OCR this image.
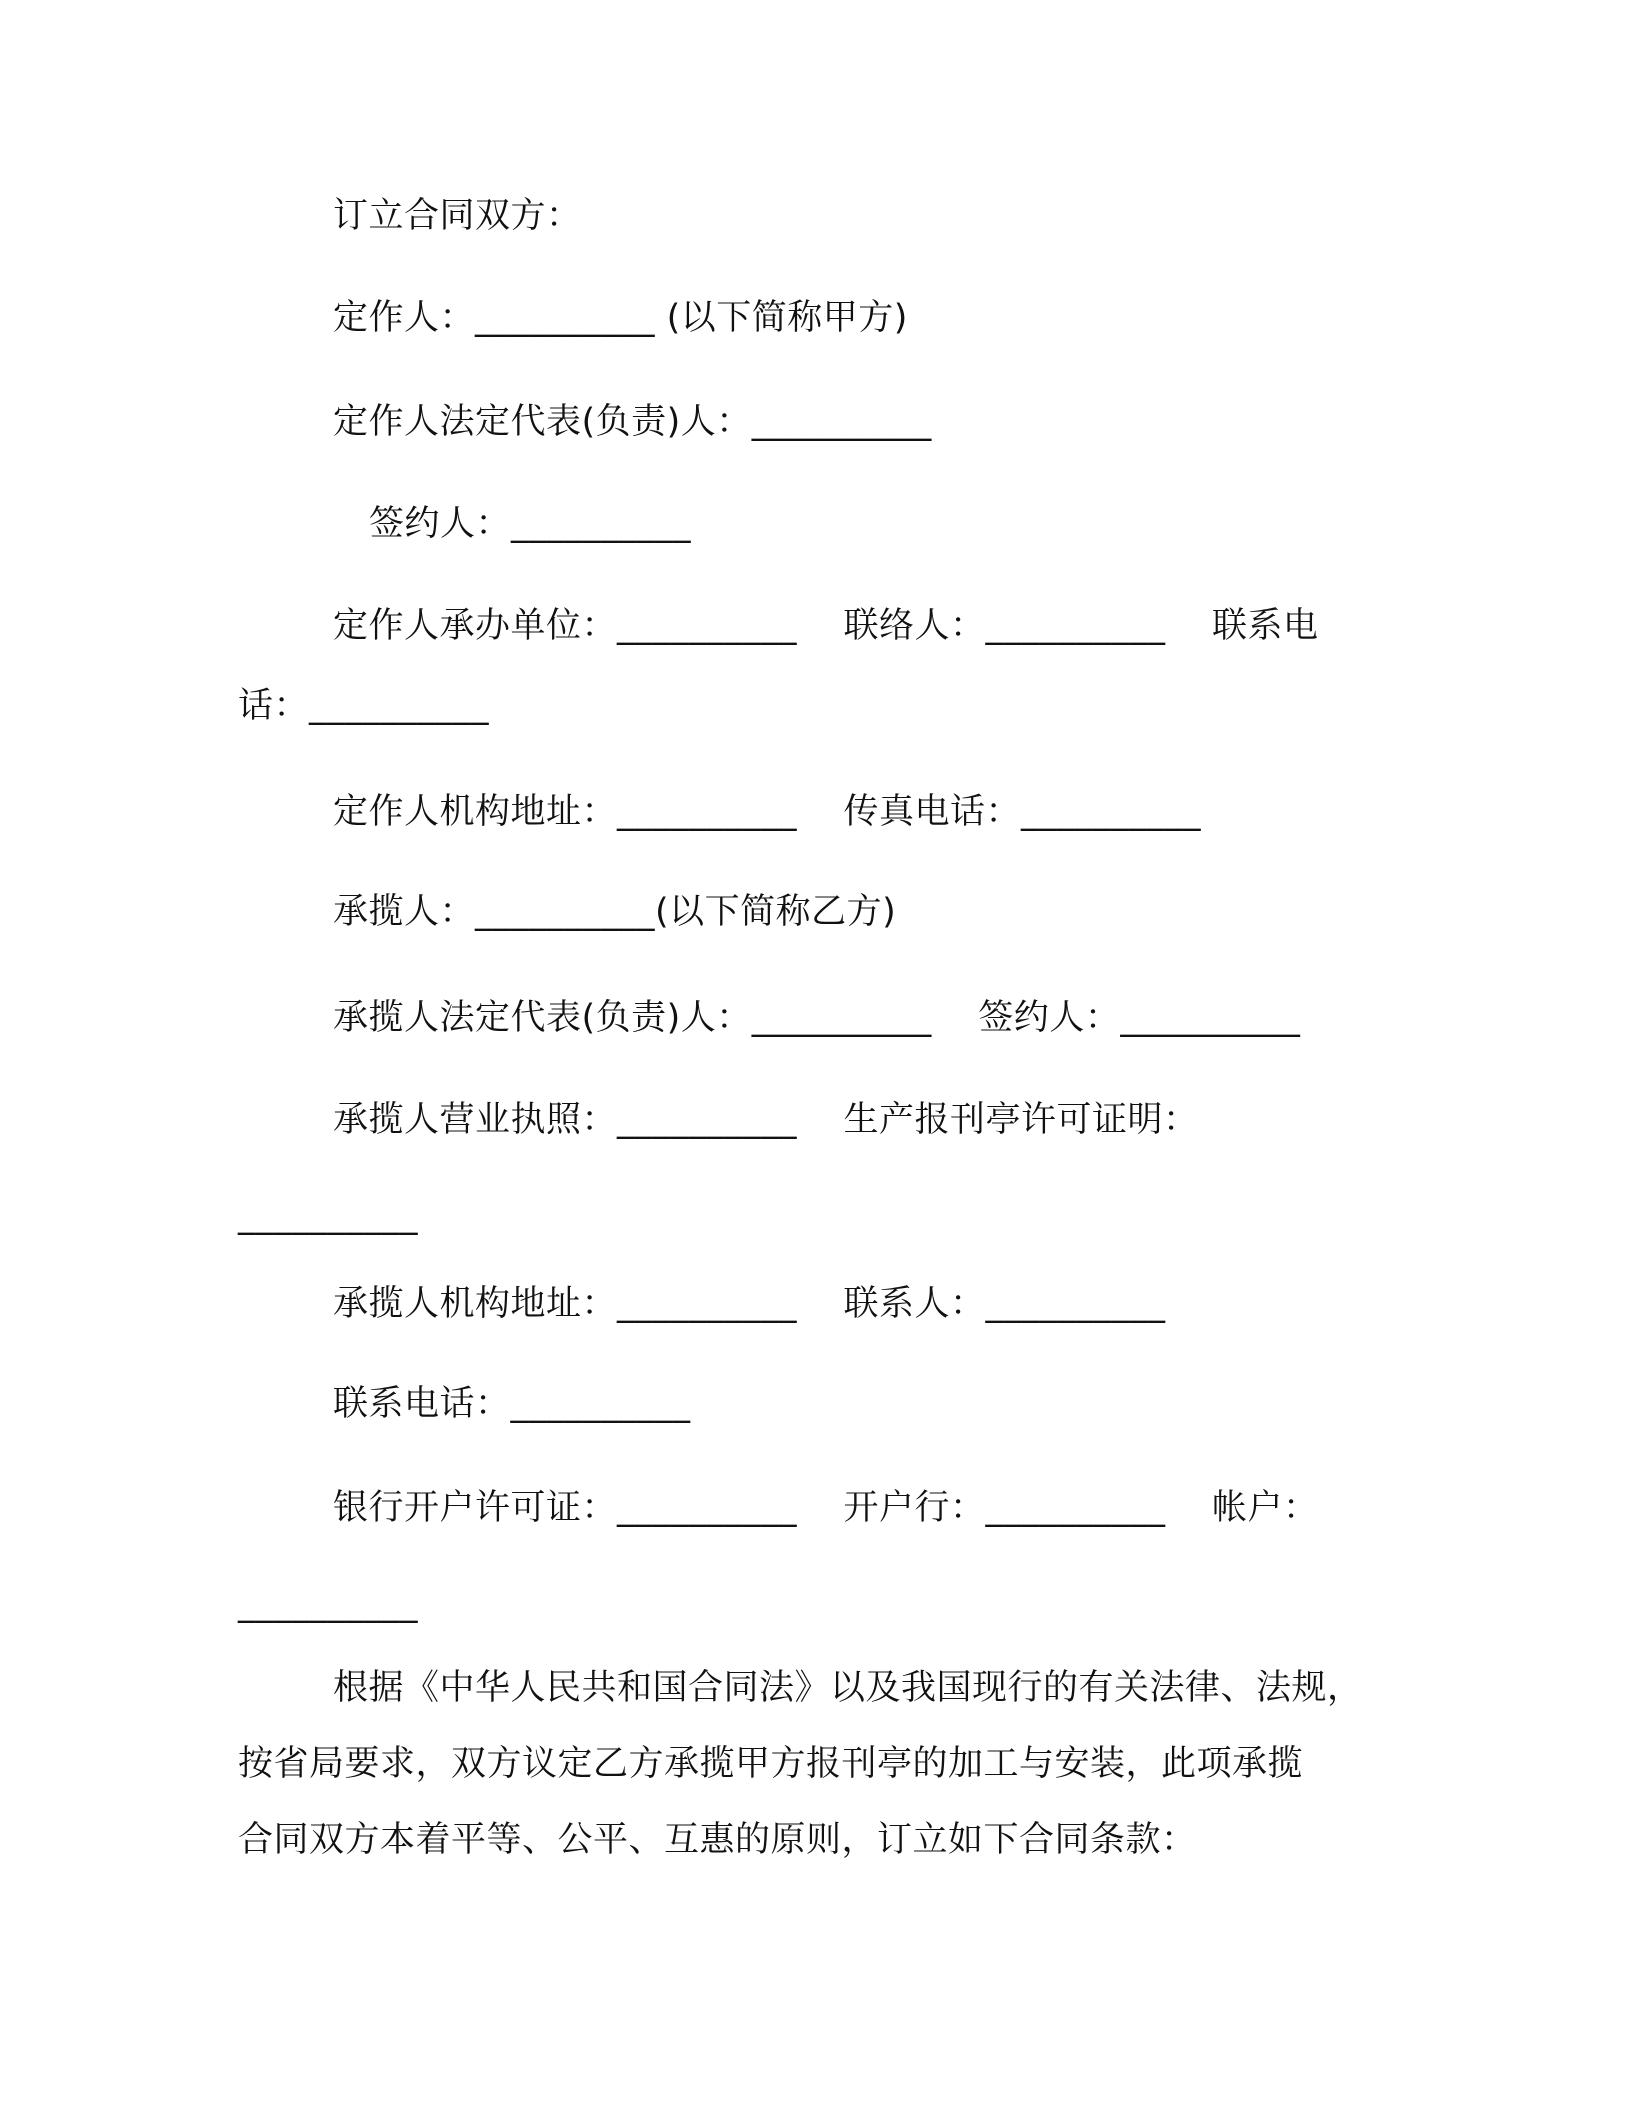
订立合同双方：
定作人：__________ (以下简称甲方)
定作人法定代表(负责)人：__________
签约人：__________
定作人承办单位：__________    联络人：__________    联系电
话：__________
定作人机构地址：__________    传真电话：__________
承揽人：__________(以下简称乙方)
承揽人法定代表(负责)人：__________    签约人：__________
承揽人营业执照：__________    生产报刊亭许可证明：
__________
承揽人机构地址：__________    联系人：__________
联系电话：__________
银行开户许可证：__________    开户行：__________    帐户：
__________
根据《中华人民共和国合同法》以及我国现行的有关法律、法规，
按省局要求，双方议定乙方承揽甲方报刊亭的加工与安装，此项承揽
合同双方本着平等、公平、互惠的原则，订立如下合同条款：
